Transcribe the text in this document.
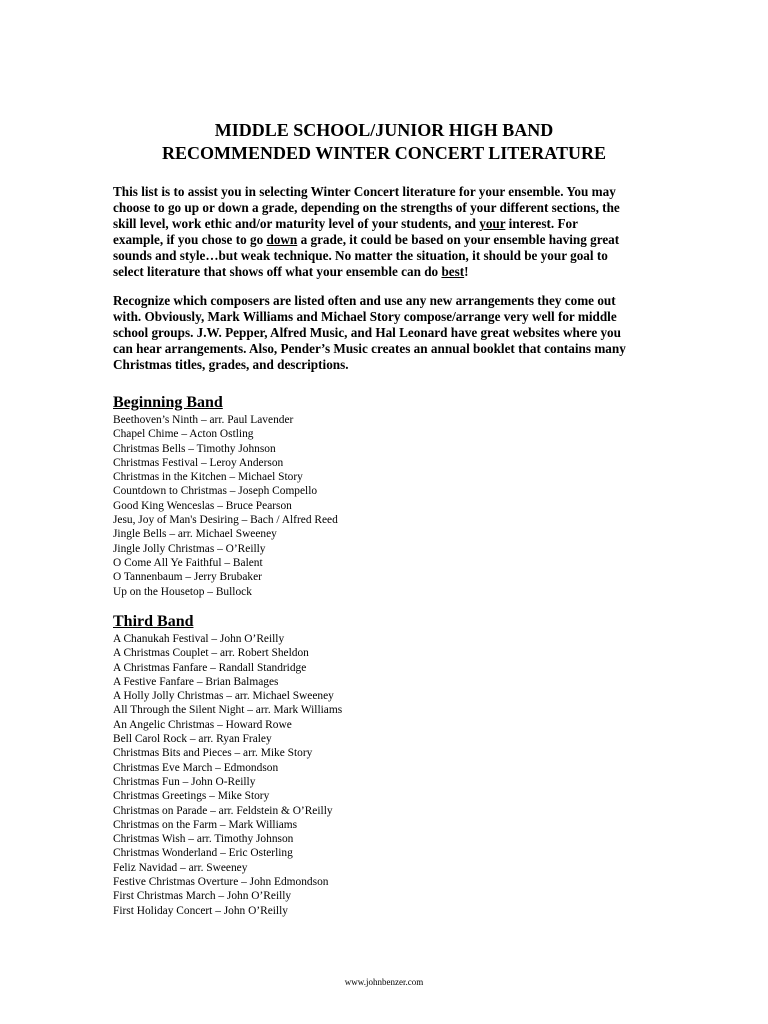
MIDDLE SCHOOL/JUNIOR HIGH BAND
RECOMMENDED WINTER CONCERT LITERATURE
This list is to assist you in selecting Winter Concert literature for your ensemble. You may
choose to go up or down a grade, depending on the strengths of your different sections, the
skill level, work ethic and/or maturity level of your students, and your interest. For
example, if you chose to go down a grade, it could be based on your ensemble having great
sounds and style…but weak technique. No matter the situation, it should be your goal to
select literature that shows off what your ensemble can do best!
Recognize which composers are listed often and use any new arrangements they come out
with. Obviously, Mark Williams and Michael Story compose/arrange very well for middle
school groups. J.W. Pepper, Alfred Music, and Hal Leonard have great websites where you
can hear arrangements. Also, Pender’s Music creates an annual booklet that contains many
Christmas titles, grades, and descriptions.
Beginning Band
Beethoven’s Ninth – arr. Paul Lavender
Chapel Chime – Acton Ostling
Christmas Bells – Timothy Johnson
Christmas Festival – Leroy Anderson
Christmas in the Kitchen – Michael Story
Countdown to Christmas – Joseph Compello
Good King Wenceslas – Bruce Pearson
Jesu, Joy of Man's Desiring – Bach / Alfred Reed
Jingle Bells – arr. Michael Sweeney
Jingle Jolly Christmas – O’Reilly
O Come All Ye Faithful – Balent
O Tannenbaum – Jerry Brubaker
Up on the Housetop – Bullock
Third Band
A Chanukah Festival – John O’Reilly
A Christmas Couplet – arr. Robert Sheldon
A Christmas Fanfare – Randall Standridge
A Festive Fanfare – Brian Balmages
A Holly Jolly Christmas – arr. Michael Sweeney
All Through the Silent Night – arr. Mark Williams
An Angelic Christmas – Howard Rowe
Bell Carol Rock – arr. Ryan Fraley
Christmas Bits and Pieces – arr. Mike Story
Christmas Eve March – Edmondson
Christmas Fun – John O-Reilly
Christmas Greetings – Mike Story
Christmas on Parade – arr. Feldstein & O’Reilly
Christmas on the Farm – Mark Williams
Christmas Wish – arr. Timothy Johnson
Christmas Wonderland – Eric Osterling
Feliz Navidad – arr. Sweeney
Festive Christmas Overture – John Edmondson
First Christmas March – John O’Reilly
First Holiday Concert – John O’Reilly
www.johnbenzer.com
